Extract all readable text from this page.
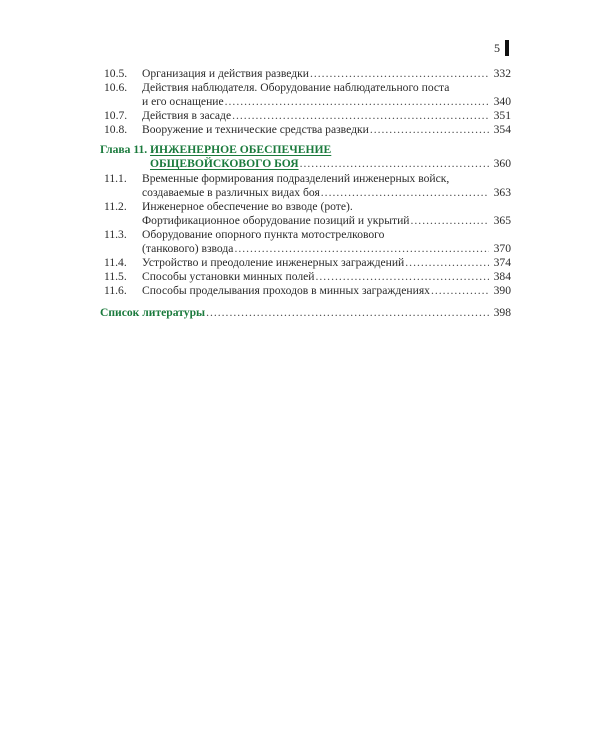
5
10.5. Организация и действия разведки .....	332
10.6. Действия наблюдателя. Оборудование наблюдательного поста
и его оснащение .....	340
10.7. Действия в засаде .....	351
10.8. Вооружение и технические средства разведки .....	354
Глава 11. ИНЖЕНЕРНОЕ ОБЕСПЕЧЕНИЕ
ОБЩЕВОЙСКОВОГО БОЯ .....	360
11.1. Временные формирования подразделений инженерных войск,
создаваемые в различных видах боя .....	363
11.2. Инженерное обеспечение во взводе (роте).
Фортификационное оборудование позиций и укрытий .....	365
11.3. Оборудование опорного пункта мотострелкового
(танкового) взвода .....	370
11.4. Устройство и преодоление инженерных заграждений .....	374
11.5. Способы установки минных полей .....	384
11.6. Способы проделывания проходов в минных заграждениях .....	390
Список литературы .....	398
